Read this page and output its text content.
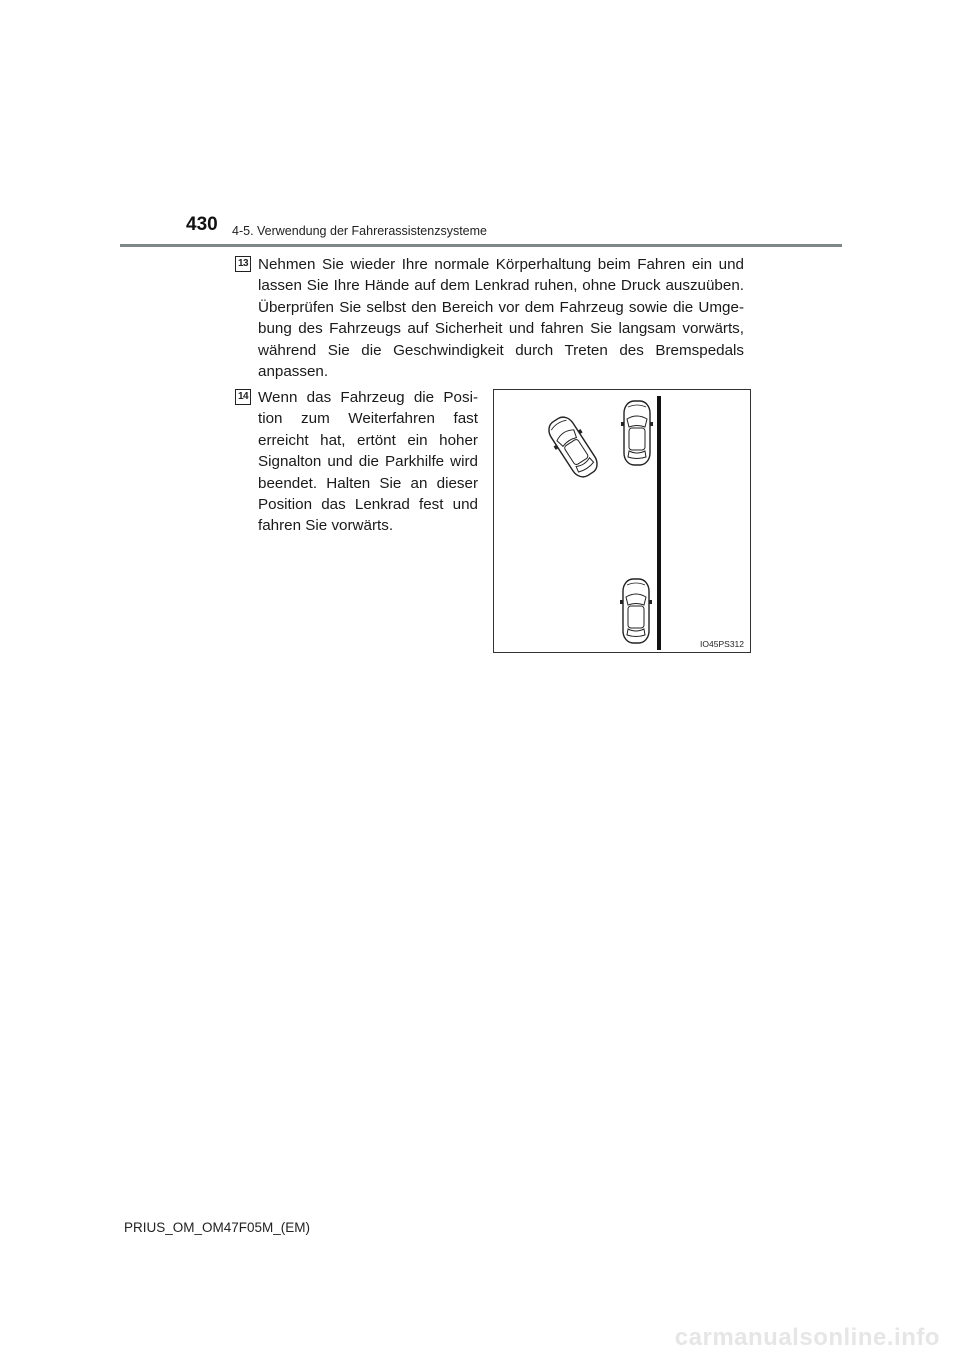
430 4-5. Verwendung der Fahrerassistenzsysteme
13 Nehmen Sie wieder Ihre normale Körperhaltung beim Fahren ein und lassen Sie Ihre Hände auf dem Lenkrad ruhen, ohne Druck auszuüben. Überprüfen Sie selbst den Bereich vor dem Fahrzeug sowie die Umge-bung des Fahrzeugs auf Sicherheit und fahren Sie langsam vorwärts, während Sie die Geschwindigkeit durch Treten des Bremspedals anpassen.
14 Wenn das Fahrzeug die Posi-tion zum Weiterfahren fast erreicht hat, ertönt ein hoher Signalton und die Parkhilfe wird beendet. Halten Sie an dieser Position das Lenkrad fest und fahren Sie vorwärts.
IO45PS312
PRIUS_OM_OM47F05M_(EM)
carmanualsonline.info
